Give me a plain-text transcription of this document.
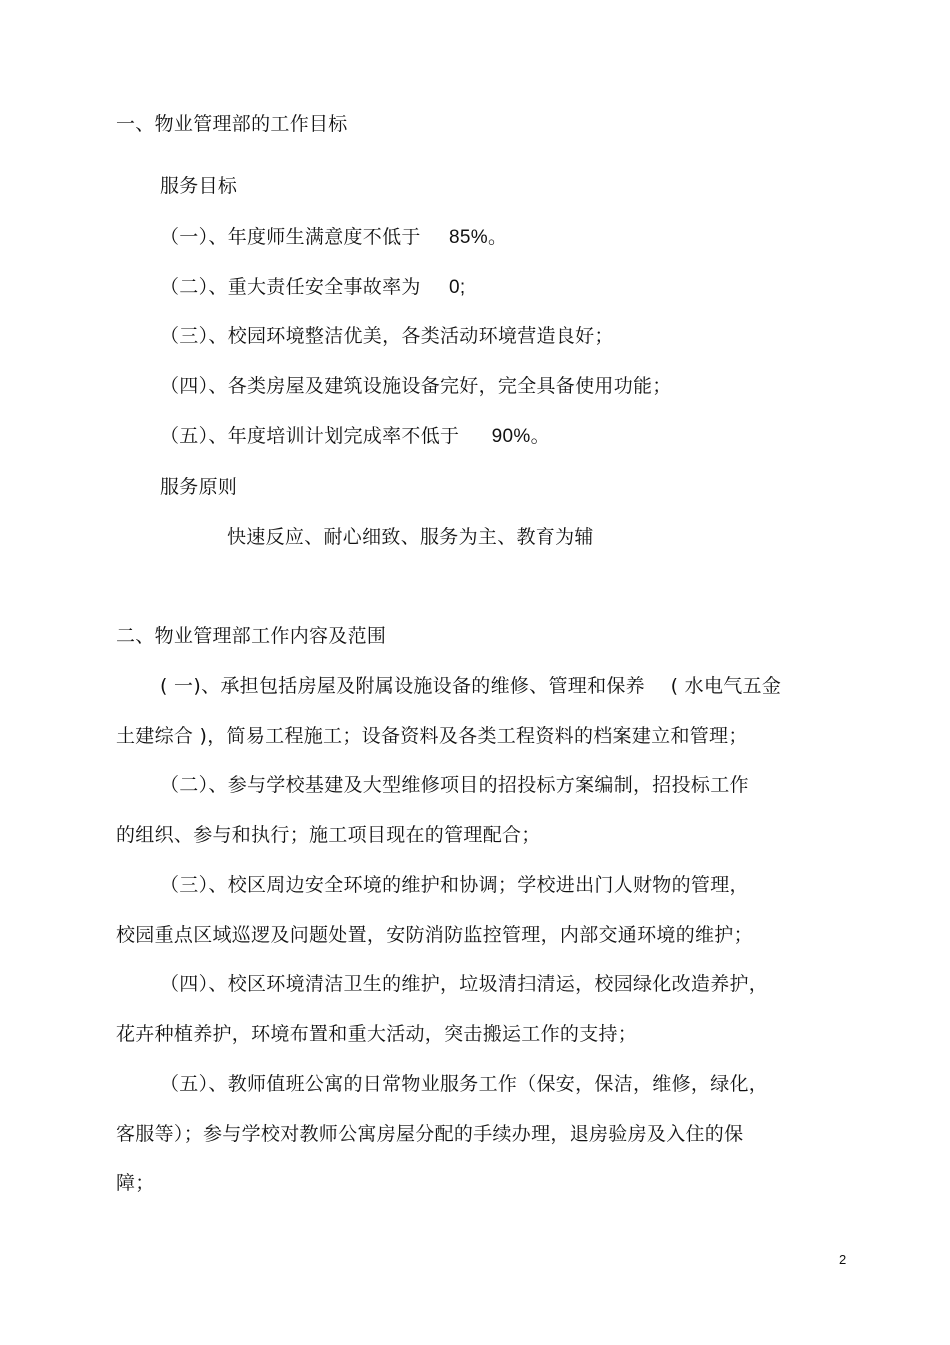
一、物业管理部的工作目标
服务目标
（一）、年度师生满意度不低于 85%。
（二）、重大责任安全事故率为 0;
（三）、校园环境整洁优美，各类活动环境营造良好；
（四）、各类房屋及建筑设施设备完好，完全具备使用功能；
（五）、年度培训计划完成率不低于 90%。
服务原则
快速反应、耐心细致、服务为主、教育为辅
二、物业管理部工作内容及范围
( 一)、承担包括房屋及附属设施设备的维修、管理和保养　 ( 水电气五金
土建综合 )，简易工程施工；设备资料及各类工程资料的档案建立和管理；
（二）、参与学校基建及大型维修项目的招投标方案编制，招投标工作
的组织、参与和执行；施工项目现在的管理配合；
（三）、校区周边安全环境的维护和协调；学校进出门人财物的管理，
校园重点区域巡逻及问题处置，安防消防监控管理，内部交通环境的维护；
（四）、校区环境清洁卫生的维护，垃圾清扫清运，校园绿化改造养护，
花卉种植养护，环境布置和重大活动，突击搬运工作的支持；
（五）、教师值班公寓的日常物业服务工作（保安，保洁，维修，绿化，
客服等）；参与学校对教师公寓房屋分配的手续办理，退房验房及入住的保
障；
2
